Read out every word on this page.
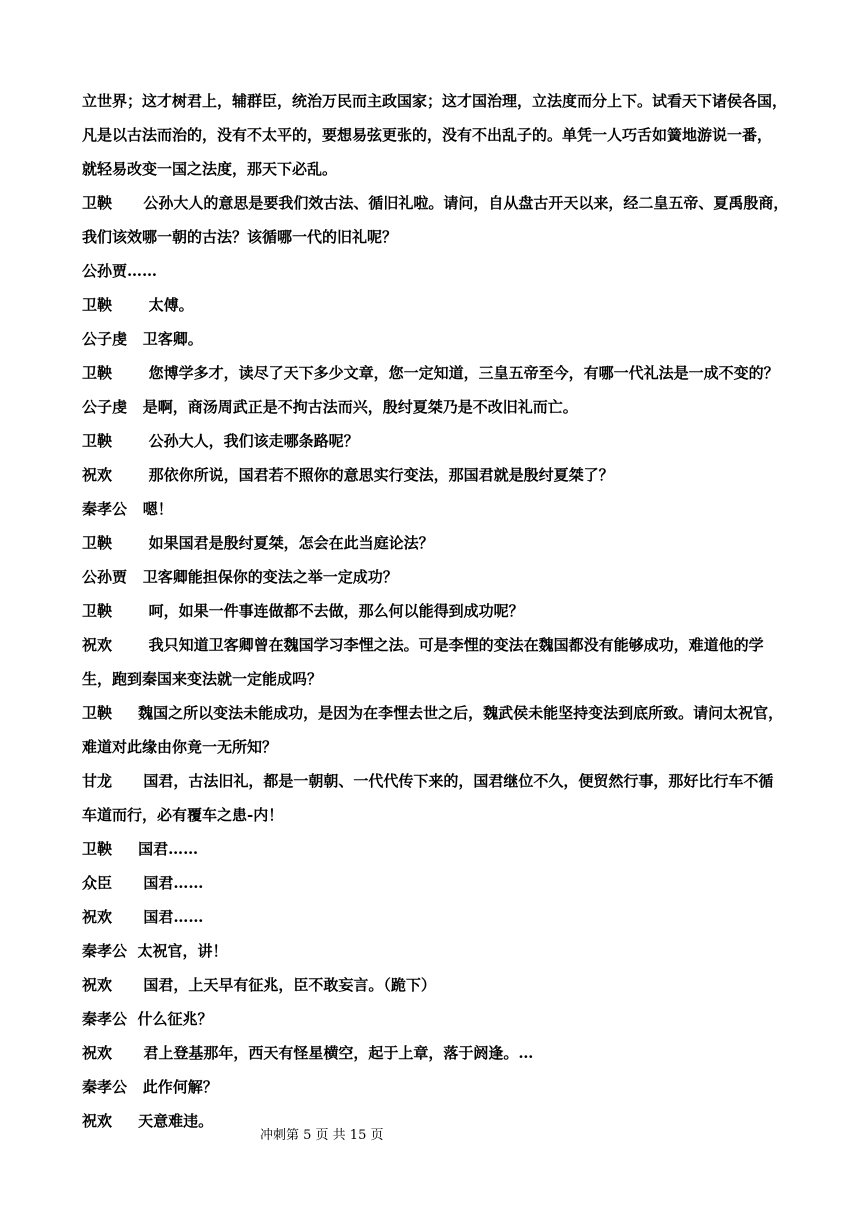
立世界；这才树君上，辅群臣，统治万民而主政国家；这才国治理，立法度而分上下。试看天下诸侯各国，
凡是以古法而治的，没有不太平的，要想易弦更张的，没有不出乱子的。单凭一人巧舌如簧地游说一番，
就轻易改变一国之法度，那天下必乱。
卫鞅 公孙大人的意思是要我们效古法、循旧礼啦。请问，自从盘古开天以来，经二皇五帝、夏禹殷商，
我们该效哪一朝的古法？该循哪一代的旧礼呢？
公孙贾……
卫鞅 太傅。
公子虔 卫客卿。
卫鞅 您博学多才，读尽了天下多少文章，您一定知道，三皇五帝至今，有哪一代礼法是一成不变的？
公子虔 是啊，商汤周武正是不拘古法而兴，殷纣夏桀乃是不改旧礼而亡。
卫鞅 公孙大人，我们该走哪条路呢？
祝欢 那依你所说，国君若不照你的意思实行变法，那国君就是殷纣夏桀了？
秦孝公 嗯！
卫鞅 如果国君是殷纣夏桀，怎会在此当庭论法？
公孙贾 卫客卿能担保你的变法之举一定成功？
卫鞅 呵，如果一件事连做都不去做，那么何以能得到成功呢？
祝欢 我只知道卫客卿曾在魏国学习李悝之法。可是李悝的变法在魏国都没有能够成功，难道他的学
生，跑到秦国来变法就一定能成吗？
卫鞅 魏国之所以变法未能成功，是因为在李悝去世之后，魏武侯未能坚持变法到底所致。请问太祝官，
难道对此缘由你竟一无所知？
甘龙 国君，古法旧礼，都是一朝朝、一代代传下来的，国君继位不久，便贸然行事，那好比行车不循
车道而行，必有覆车之患-内！
卫鞅 国君……
众臣 国君……
祝欢 国君……
秦孝公 太祝官，讲！
祝欢 国君，上天早有征兆，臣不敢妄言。（跪下）
秦孝公 什么征兆？
祝欢 君上登基那年，西天有怪星横空，起于上章，落于阏逢。…
秦孝公 此作何解？
祝欢 天意难违。
冲刺第 5 页 共 15 页
